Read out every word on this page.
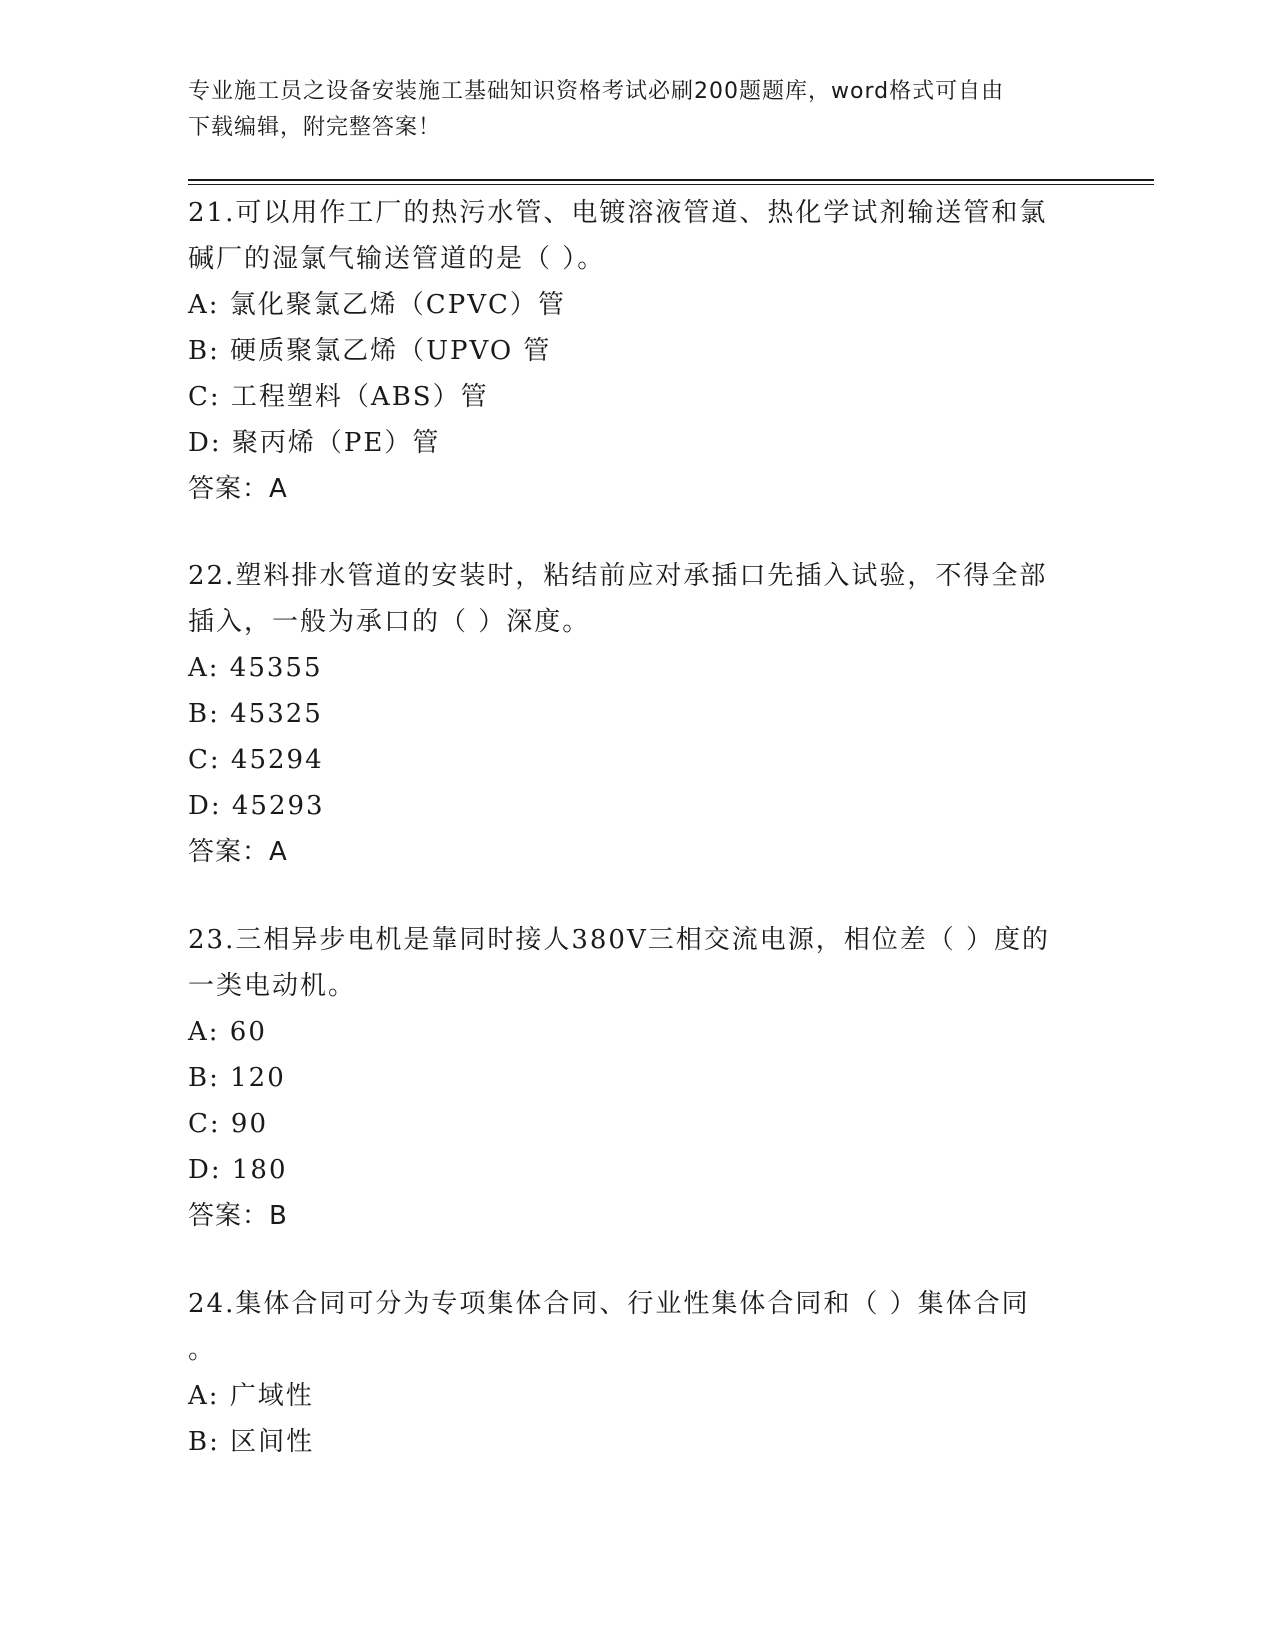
专业施工员之设备安装施工基础知识资格考试必刷200题题库，word格式可自由
下载编辑，附完整答案！
21.可以用作工厂的热污水管、电镀溶液管道、热化学试剂输送管和氯
碱厂的湿氯气输送管道的是（ ）。
A: 氯化聚氯乙烯（CPVC）管
B: 硬质聚氯乙烯（UPVO 管
C: 工程塑料（ABS）管
D: 聚丙烯（PE）管
答案：A
22.塑料排水管道的安装时，粘结前应对承插口先插入试验，不得全部
插入，一般为承口的（ ）深度。
A: 45355
B: 45325
C: 45294
D: 45293
答案：A
23.三相异步电机是靠同时接人380V三相交流电源，相位差（ ）度的
一类电动机。
A: 60
B: 120
C: 90
D: 180
答案：B
24.集体合同可分为专项集体合同、行业性集体合同和（ ）集体合同
。
A: 广域性
B: 区间性
